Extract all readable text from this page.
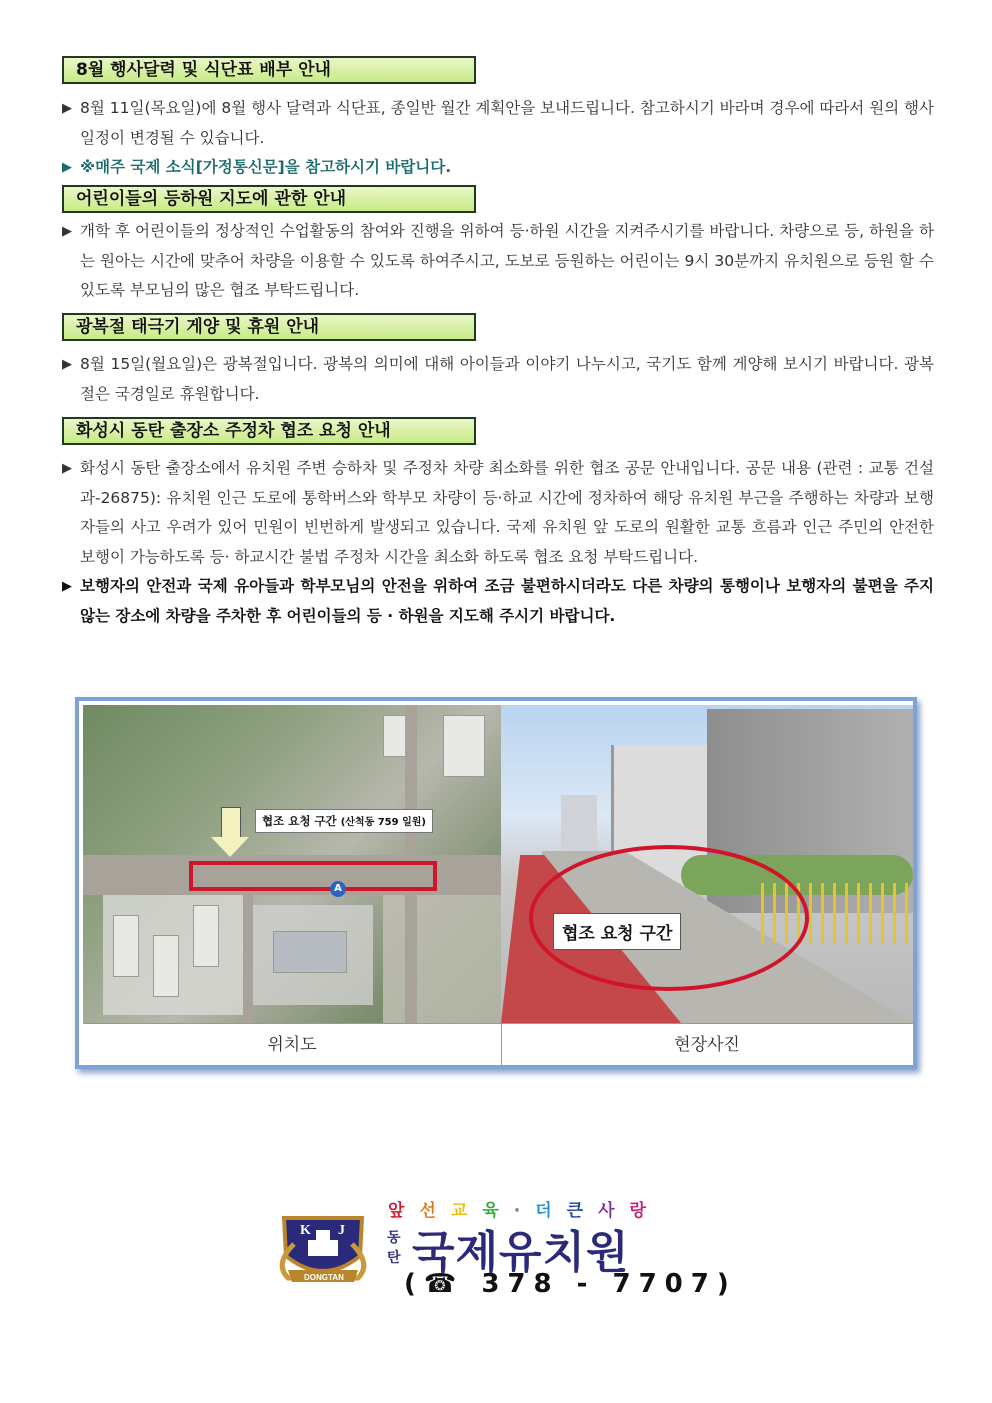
8월 행사달력 및 식단표 배부 안내
▶ 8월 11일(목요일)에 8월 행사 달력과 식단표, 종일반 월간 계획안을 보내드립니다. 참고하시기 바라며 경우에 따라서 원의 행사 일정이 변경될 수 있습니다.
▶ ※매주 국제 소식[가정통신문]을 참고하시기 바랍니다.
어린이들의 등하원 지도에 관한 안내
▶ 개학 후 어린이들의 정상적인 수업활동의 참여와 진행을 위하여 등·하원 시간을 지켜주시기를 바랍니다. 차량으로 등, 하원을 하는 원아는 시간에 맞추어 차량을 이용할 수 있도록 하여주시고, 도보로 등원하는 어린이는 9시 30분까지 유치원으로 등원 할 수 있도록 부모님의 많은 협조 부탁드립니다.
광복절 태극기 게양 및 휴원 안내
▶ 8월 15일(월요일)은 광복절입니다. 광복의 의미에 대해 아이들과 이야기 나누시고, 국기도 함께 게양해 보시기 바랍니다. 광복절은 국경일로 휴원합니다.
화성시 동탄 출장소 주정차 협조 요청 안내
▶ 화성시 동탄 출장소에서 유치원 주변 승하차 및 주정차 차량 최소화를 위한 협조 공문 안내입니다. 공문 내용 (관련 : 교통 건설과-26875): 유치원 인근 도로에 통학버스와 학부모 차량이 등·하교 시간에 정차하여 해당 유치원 부근을 주행하는 차량과 보행자들의 사고 우려가 있어 민원이 빈번하게 발생되고 있습니다. 국제 유치원 앞 도로의 원활한 교통 흐름과 인근 주민의 안전한 보행이 가능하도록 등· 하교시간 불법 주정차 시간을 최소화 하도록 협조 요청 부탁드립니다.
▶ 보행자의 안전과 국제 유아들과 학부모님의 안전을 위하여 조금 불편하시더라도 다른 차량의 통행이나 보행자의 불편을 주지 않는 장소에 차량을 주차한 후 어린이들의 등 · 하원을 지도해 주시기 바랍니다.
협조 요청 구간 (산척동 759 일원)
A
협조 요청 구간
위치도	현장사진
K J
DONGTAN
앞선교육·더큰사랑
동
탄 국제유치원
(☎ 378 - 7707)
